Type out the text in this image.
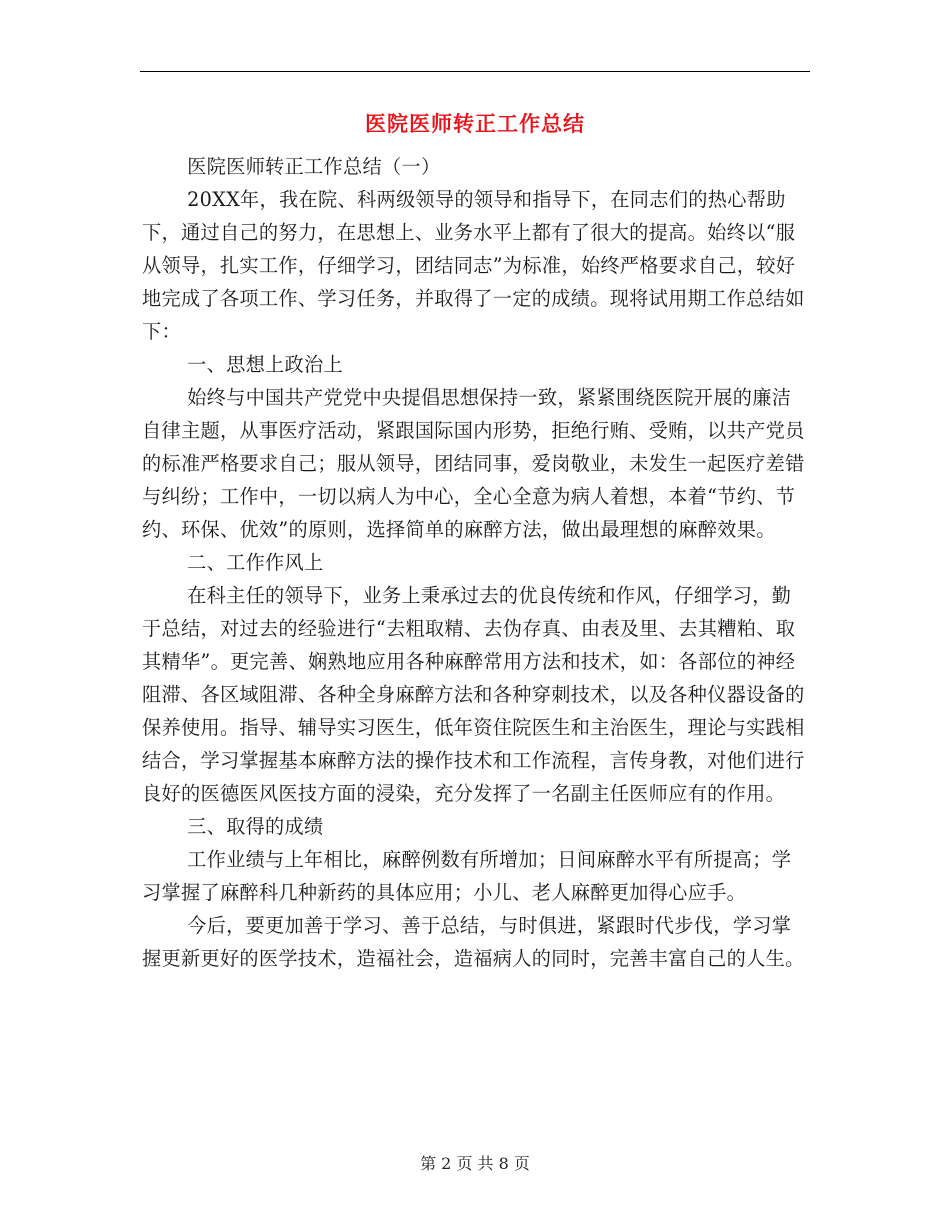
医院医师转正工作总结

医院医师转正工作总结（一）

20XX年，我在院、科两级领导的领导和指导下，在同志们的热心帮助下，通过自己的努力，在思想上、业务水平上都有了很大的提高。始终以“服从领导，扎实工作，仔细学习，团结同志”为标准，始终严格要求自己，较好地完成了各项工作、学习任务，并取得了一定的成绩。现将试用期工作总结如下：

一、思想上政治上

始终与中国共产党党中央提倡思想保持一致，紧紧围绕医院开展的廉洁自律主题，从事医疗活动，紧跟国际国内形势，拒绝行贿、受贿，以共产党员的标准严格要求自己；服从领导，团结同事，爱岗敬业，未发生一起医疗差错与纠纷；工作中，一切以病人为中心，全心全意为病人着想，本着“节约、节约、环保、优效”的原则，选择简单的麻醉方法，做出最理想的麻醉效果。

二、工作作风上

在科主任的领导下，业务上秉承过去的优良传统和作风，仔细学习，勤于总结，对过去的经验进行“去粗取精、去伪存真、由表及里、去其糟粕、取其精华”。更完善、娴熟地应用各种麻醉常用方法和技术，如：各部位的神经阻滞、各区域阻滞、各种全身麻醉方法和各种穿刺技术，以及各种仪器设备的保养使用。指导、辅导实习医生，低年资住院医生和主治医生，理论与实践相结合，学习掌握基本麻醉方法的操作技术和工作流程，言传身教，对他们进行良好的医德医风医技方面的浸染，充分发挥了一名副主任医师应有的作用。

三、取得的成绩

工作业绩与上年相比，麻醉例数有所增加；日间麻醉水平有所提高；学习掌握了麻醉科几种新药的具体应用；小儿、老人麻醉更加得心应手。

今后，要更加善于学习、善于总结，与时俱进，紧跟时代步伐，学习掌握更新更好的医学技术，造福社会，造福病人的同时，完善丰富自己的人生。

第 2 页 共 8 页
